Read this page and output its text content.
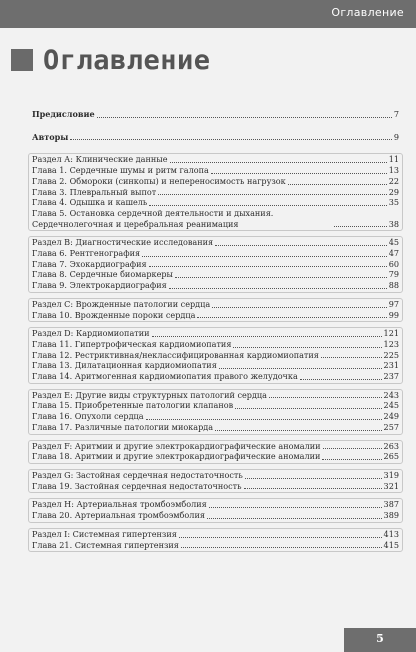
Оглавление
Оглавление
Предисловие	7
Авторы	9
Раздел А: Клинические данные	11
Глава 1. Сердечные шумы и ритм галопа	13
Глава 2. Обмороки (синкопы) и непереносимость нагрузок	22
Глава 3. Плевральный выпот	29
Глава 4. Одышка и кашель	35
Глава 5. Остановка сердечной деятельности и дыхания. Сердечнолегочная и церебральная реанимация	38
Раздел В: Диагностические исследования	45
Глава 6. Рентгенография	47
Глава 7. Эхокардиография	60
Глава 8. Сердечные биомаркеры	79
Глава 9. Электрокардиография	88
Раздел С: Врожденные патологии сердца	97
Глава 10. Врожденные пороки сердца	99
Раздел D: Кардиомиопатии	121
Глава 11. Гипертрофическая кардиомиопатия	123
Глава 12. Рестриктивная/неклассифицированная кардиомиопатия	225
Глава 13. Дилатационная кардиомиопатия	231
Глава 14. Аритмогенная кардиомиопатия правого желудочка	237
Раздел Е: Другие виды структурных патологий сердца	243
Глава 15. Приобретенные патологии клапанов	245
Глава 16. Опухоли сердца	249
Глава 17. Различные патологии миокарда	257
Раздел F: Аритмии и другие электрокардиографические аномалии	263
Глава 18. Аритмии и другие электрокардиографические аномалии	265
Раздел G: Застойная сердечная недостаточность	319
Глава 19. Застойная сердечная недостаточность	321
Раздел Н: Артериальная тромбоэмболия	387
Глава 20. Артериальная тромбоэмболия	389
Раздел I: Системная гипертензия	413
Глава 21. Системная гипертензия	415
5
